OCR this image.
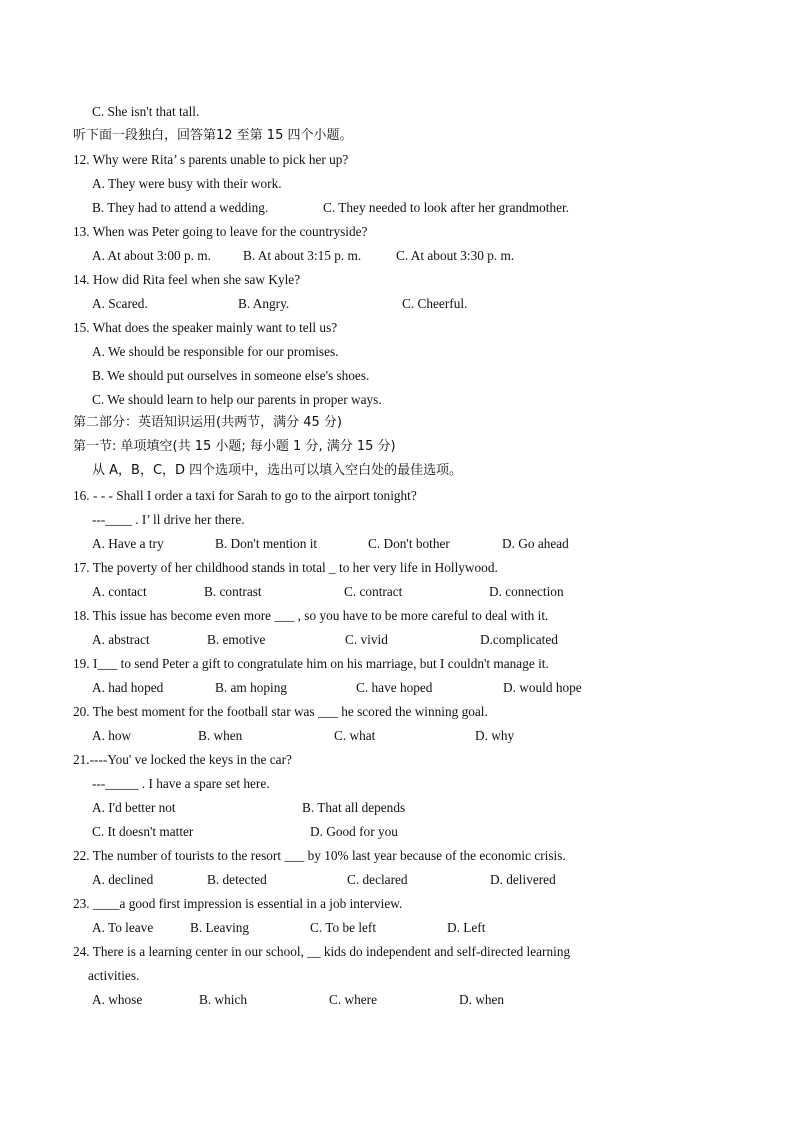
C. She isn't that tall.
听下面一段独白，回答第12 至第 15 四个小题。
12. Why were Rita’ s parents unable to pick her up?
A. They were busy with their work.
B. They had to attend a wedding.	C. They needed to look after her grandmother.
13. When was Peter going to leave for the countryside?
A. At about 3:00 p. m. B. At about 3:15 p. m.	C. At about 3:30 p. m.
14. How did Rita feel when she saw Kyle?
A. Scared.	B. Angry.	C. Cheerful.
15. What does the speaker mainly want to tell us?
A. We should be responsible for our promises.
B. We should put ourselves in someone else's shoes.
C. We should learn to help our parents in proper ways.
第二部分：英语知识运用(共两节，满分 45 分)
第一节: 单项填空(共 15 小题; 每小题 1 分, 满分 15 分)
从 A，B，C，D 四个选项中，选出可以填入空白处的最佳选项。
16. - - - Shall I order a taxi for Sarah to go to the airport tonight?
---____ . I’ ll drive her there.
A. Have a try	B. Don't mention it	C. Don't bother	D. Go ahead
17. The poverty of her childhood stands in total _ to her very life in Hollywood.
A. contact	B. contrast	C. contract	D. connection
18. This issue has become even more ___ , so you have to be more careful to deal with it.
A. abstract	B. emotive	C. vivid	D.complicated
19. I___ to send Peter a gift to congratulate him on his marriage, but I couldn't manage it.
A. had hoped	B. am hoping	C. have hoped	D. would hope
20. The best moment for the football star was ___ he scored the winning goal.
A. how	B. when	C. what	D. why
21.----You' ve locked the keys in the car?
---_____ . I have a spare set here.
A. I'd better not	B. That all depends
C. It doesn't matter	D. Good for you
22. The number of tourists to the resort ___ by 10% last year because of the economic crisis.
A. declined	B. detected	C. declared	D. delivered
23. ____a good first impression is essential in a job interview.
A. To leave	B. Leaving	C. To be left	D. Left
24. There is a learning center in our school, __ kids do independent and self-directed learning
activities.
A. whose	B. which	C. where	D. when
